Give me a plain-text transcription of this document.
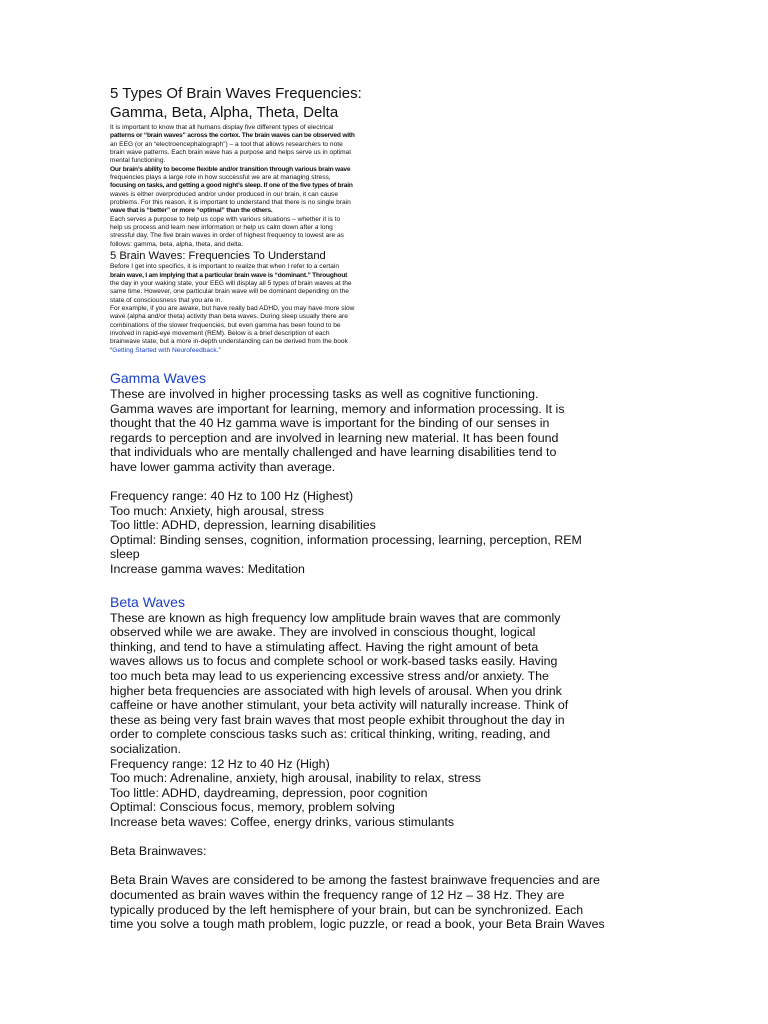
5 Types Of Brain Waves Frequencies:
Gamma, Beta, Alpha, Theta, Delta
It is important to know that all humans display five different types of electrical
patterns or “brain waves” across the cortex. The brain waves can be observed with
an EEG (or an “electroencephalograph”) – a tool that allows researchers to note
brain wave patterns. Each brain wave has a purpose and helps serve us in optimal
mental functioning.
Our brain’s ability to become flexible and/or transition through various brain wave
frequencies plays a large role in how successful we are at managing stress,
focusing on tasks, and getting a good night’s sleep. If one of the five types of brain
waves is either overproduced and/or under produced in our brain, it can cause
problems. For this reason, it is important to understand that there is no single brain
wave that is “better” or more “optimal” than the others.
Each serves a purpose to help us cope with various situations – whether it is to
help us process and learn new information or help us calm down after a long
stressful day. The five brain waves in order of highest frequency to lowest are as
follows: gamma, beta, alpha, theta, and delta.
5 Brain Waves: Frequencies To Understand
Before I get into specifics, it is important to realize that when I refer to a certain
brain wave, I am implying that a particular brain wave is “dominant.” Throughout
the day in your waking state, your EEG will display all 5 types of brain waves at the
same time. However, one particular brain wave will be dominant depending on the
state of consciousness that you are in.
For example, if you are awake, but have really bad ADHD, you may have more slow
wave (alpha and/or theta) activity than beta waves. During sleep usually there are
combinations of the slower frequencies, but even gamma has been found to be
involved in rapid-eye movement (REM). Below is a brief description of each
brainwave state, but a more in-depth understanding can be derived from the book
“Getting Started with Neurofeedback.”
Gamma Waves
These are involved in higher processing tasks as well as cognitive functioning.
Gamma waves are important for learning, memory and information processing. It is
thought that the 40 Hz gamma wave is important for the binding of our senses in
regards to perception and are involved in learning new material. It has been found
that individuals who are mentally challenged and have learning disabilities tend to
have lower gamma activity than average.
Frequency range: 40 Hz to 100 Hz (Highest)
Too much: Anxiety, high arousal, stress
Too little: ADHD, depression, learning disabilities
Optimal: Binding senses, cognition, information processing, learning, perception, REM
sleep
Increase gamma waves: Meditation
Beta Waves
These are known as high frequency low amplitude brain waves that are commonly
observed while we are awake. They are involved in conscious thought, logical
thinking, and tend to have a stimulating affect. Having the right amount of beta
waves allows us to focus and complete school or work-based tasks easily. Having
too much beta may lead to us experiencing excessive stress and/or anxiety. The
higher beta frequencies are associated with high levels of arousal. When you drink
caffeine or have another stimulant, your beta activity will naturally increase. Think of
these as being very fast brain waves that most people exhibit throughout the day in
order to complete conscious tasks such as: critical thinking, writing, reading, and
socialization.
Frequency range: 12 Hz to 40 Hz (High)
Too much: Adrenaline, anxiety, high arousal, inability to relax, stress
Too little: ADHD, daydreaming, depression, poor cognition
Optimal: Conscious focus, memory, problem solving
Increase beta waves: Coffee, energy drinks, various stimulants
Beta Brainwaves:
Beta Brain Waves are considered to be among the fastest brainwave frequencies and are
documented as brain waves within the frequency range of 12 Hz – 38 Hz. They are
typically produced by the left hemisphere of your brain, but can be synchronized. Each
time you solve a tough math problem, logic puzzle, or read a book, your Beta Brain Waves
